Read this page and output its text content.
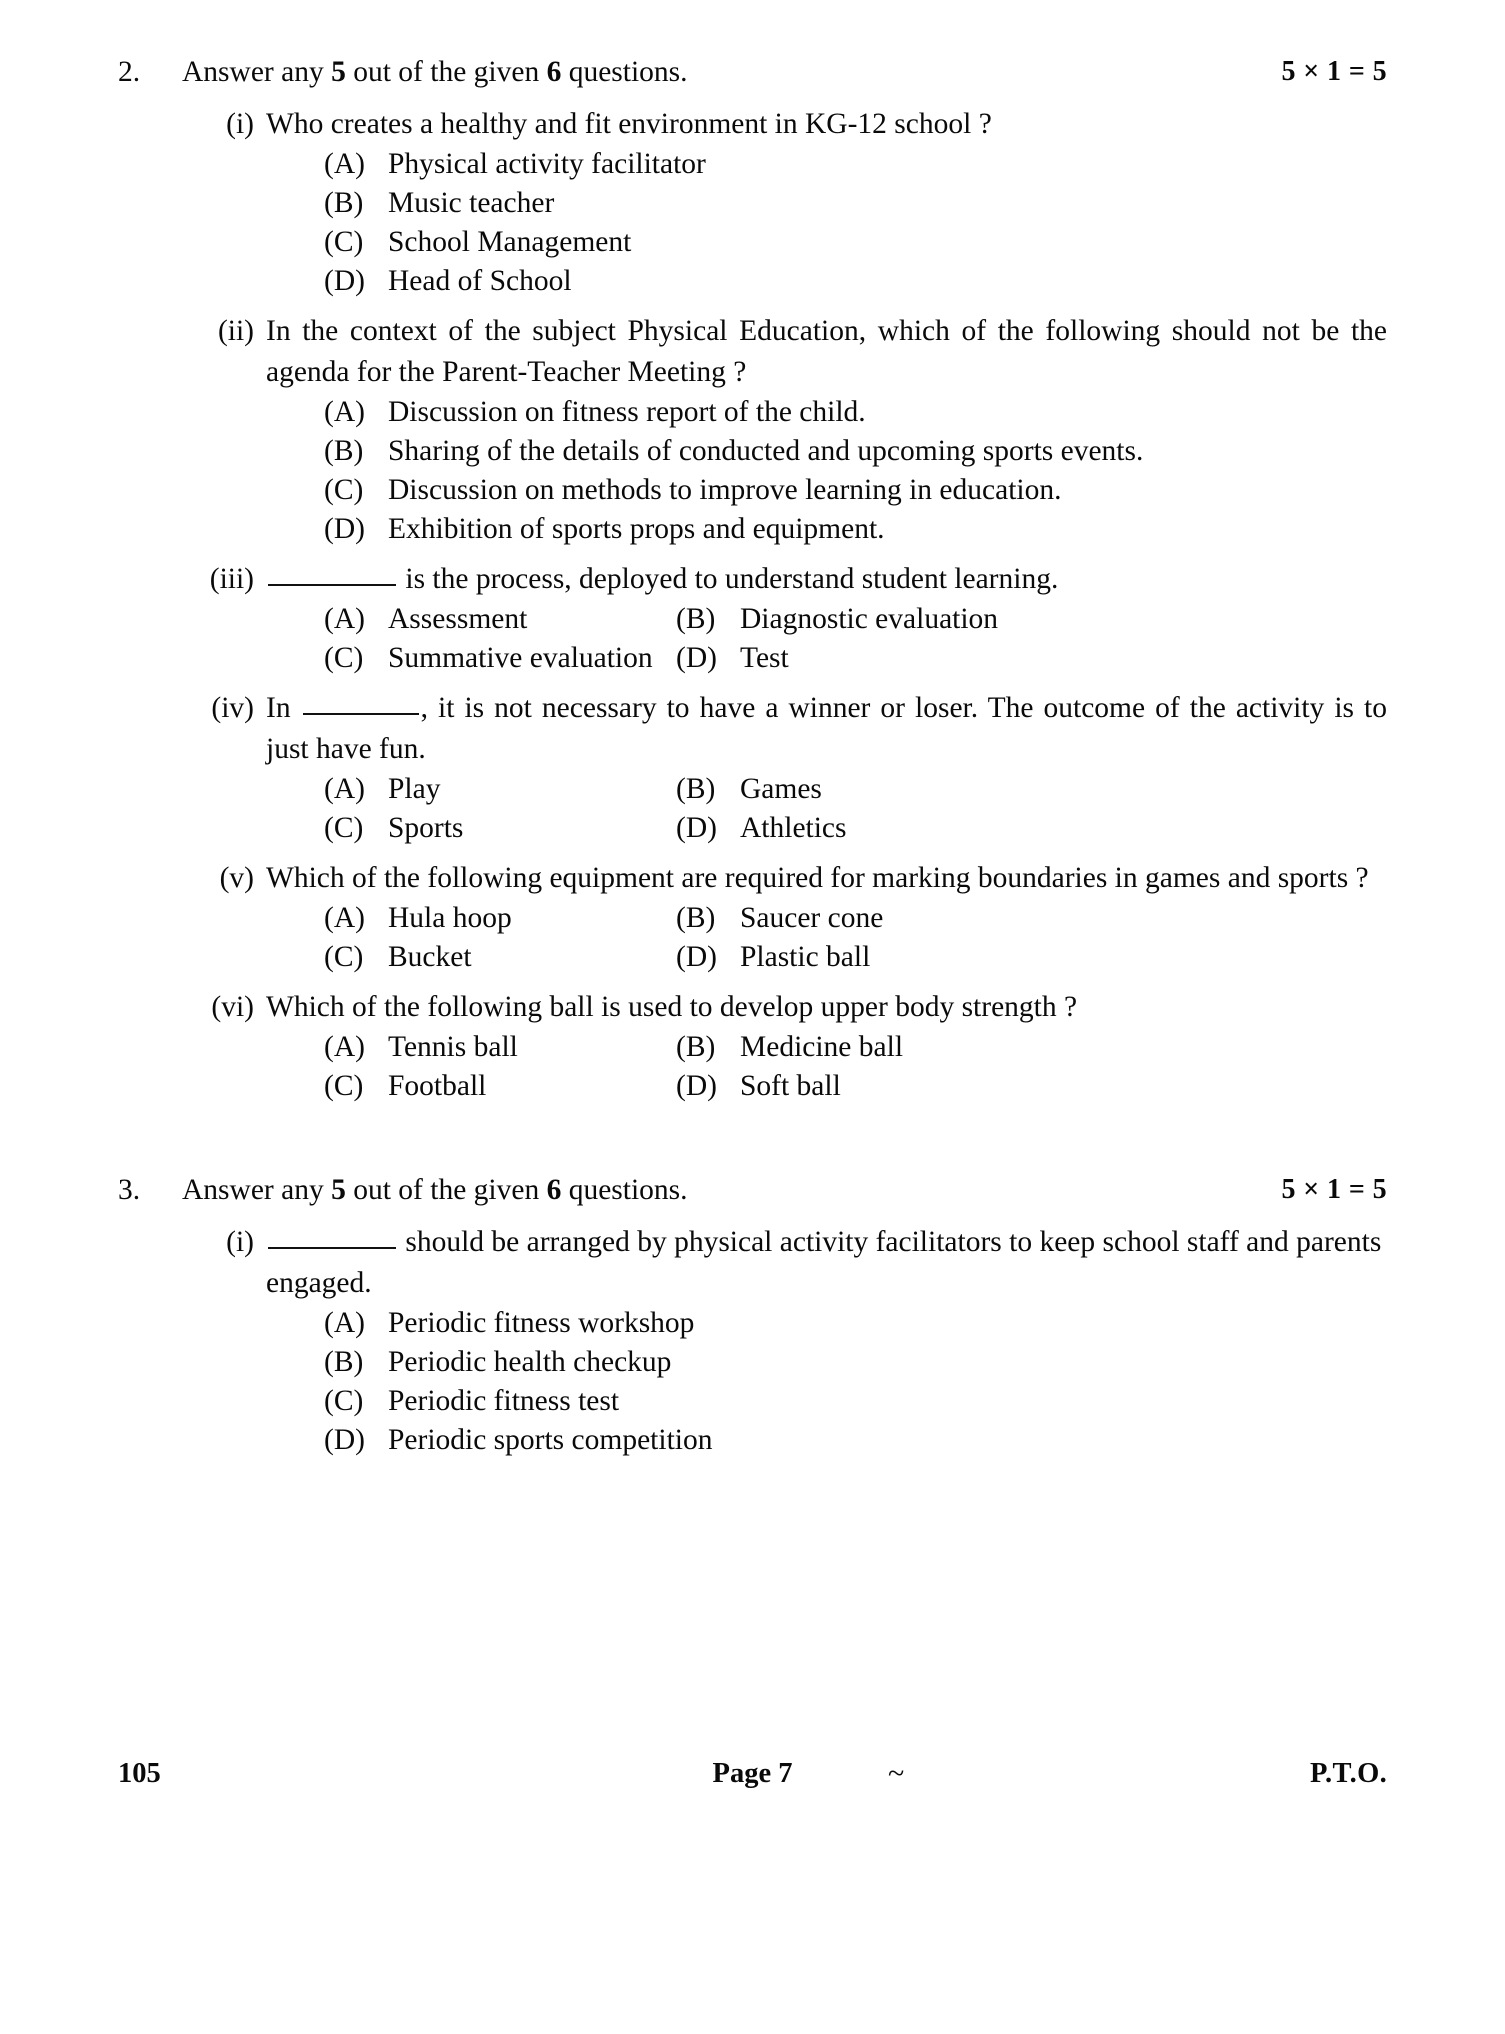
2.	Answer any 5 out of the given 6 questions.	5 × 1 = 5
(i) Who creates a healthy and fit environment in KG-12 school ?

(A) Physical activity facilitator
(B) Music teacher
(C) School Management
(D) Head of School
(ii) In the context of the subject Physical Education, which of the following should not be the agenda for the Parent-Teacher Meeting ?

(A) Discussion on fitness report of the child.
(B) Sharing of the details of conducted and upcoming sports events.
(C) Discussion on methods to improve learning in education.
(D) Exhibition of sports props and equipment.
(iii)	is the process, deployed to understand student learning.

(A) Assessment	(B) Diagnostic evaluation
(C) Summative evaluation (D) Test
(iv) In	, it is not necessary to have a winner or loser. The outcome of the activity is to just have fun.

(A) Play	(B) Games
(C) Sports	(D) Athletics
(v) Which of the following equipment are required for marking boundaries in games and sports ?

(A) Hula hoop	(B) Saucer cone
(C) Bucket	(D) Plastic ball
(vi) Which of the following ball is used to develop upper body strength ?

(A) Tennis ball	(B) Medicine ball
(C) Football	(D) Soft ball
3.	Answer any 5 out of the given 6 questions.	5 × 1 = 5
(i)	should be arranged by physical activity facilitators to keep school staff and parents engaged.

(A) Periodic fitness workshop
(B) Periodic health checkup
(C) Periodic fitness test
(D) Periodic sports competition
105	Page 7	~	P.T.O.
